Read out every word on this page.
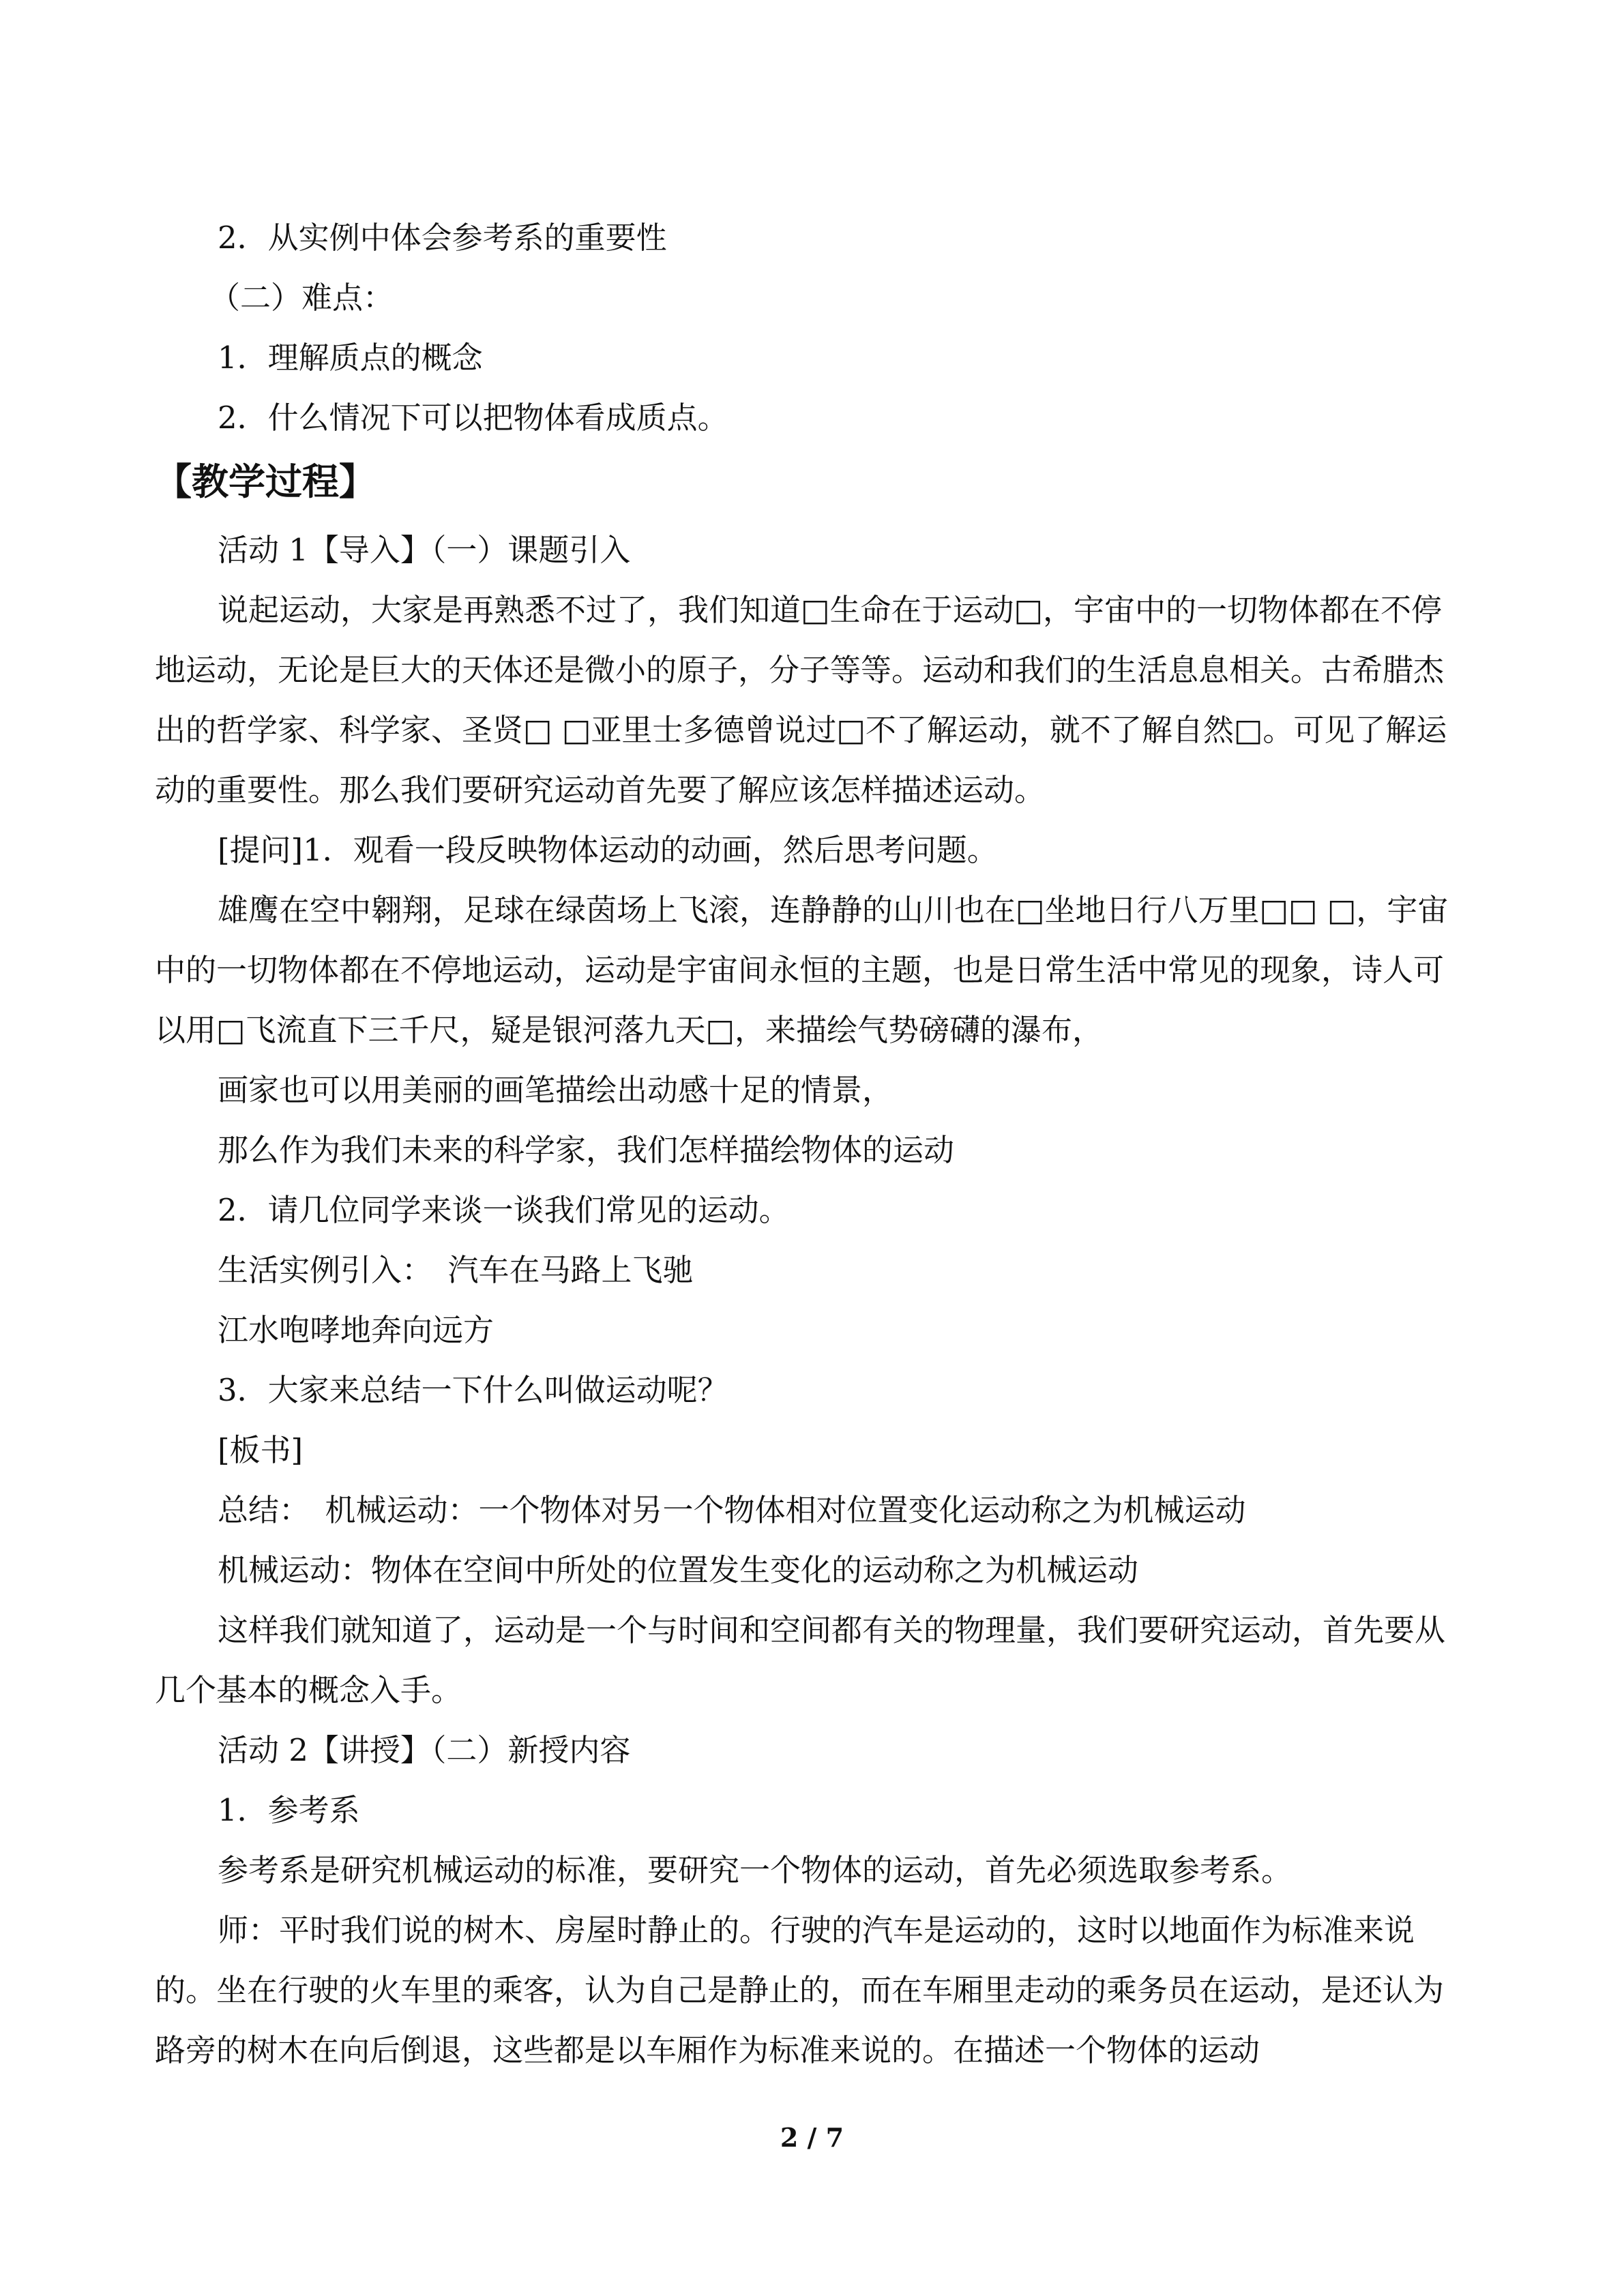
2．从实例中体会参考系的重要性

（二）难点：

1．理解质点的概念

2．什么情况下可以把物体看成质点。

【教学过程】

活动 1【导入】（一）课题引入

说起运动，大家是再熟悉不过了，我们知道□生命在于运动□，宇宙中的一切物体都在不停地运动，无论是巨大的天体还是微小的原子，分子等等。运动和我们的生活息息相关。古希腊杰出的哲学家、科学家、圣贤□ □亚里士多德曾说过□不了解运动，就不了解自然□。可见了解运动的重要性。那么我们要研究运动首先要了解应该怎样描述运动。

[提问]1．观看一段反映物体运动的动画，然后思考问题。

雄鹰在空中翱翔，足球在绿茵场上飞滚，连静静的山川也在□坐地日行八万里□□ □，宇宙中的一切物体都在不停地运动，运动是宇宙间永恒的主题，也是日常生活中常见的现象，诗人可以用□飞流直下三千尺，疑是银河落九天□，来描绘气势磅礴的瀑布，

画家也可以用美丽的画笔描绘出动感十足的情景，

那么作为我们未来的科学家，我们怎样描绘物体的运动

2．请几位同学来谈一谈我们常见的运动。

生活实例引入：　汽车在马路上飞驰

江水咆哮地奔向远方

3．大家来总结一下什么叫做运动呢？

[板书]

总结：　机械运动：一个物体对另一个物体相对位置变化运动称之为机械运动

机械运动：物体在空间中所处的位置发生变化的运动称之为机械运动

这样我们就知道了，运动是一个与时间和空间都有关的物理量，我们要研究运动，首先要从几个基本的概念入手。

活动 2【讲授】（二）新授内容

1．参考系

参考系是研究机械运动的标准，要研究一个物体的运动，首先必须选取参考系。

师：平时我们说的树木、房屋时静止的。行驶的汽车是运动的，这时以地面作为标准来说的。坐在行驶的火车里的乘客，认为自己是静止的，而在车厢里走动的乘务员在运动，是还认为路旁的树木在向后倒退，这些都是以车厢作为标准来说的。在描述一个物体的运动

2 / 7
